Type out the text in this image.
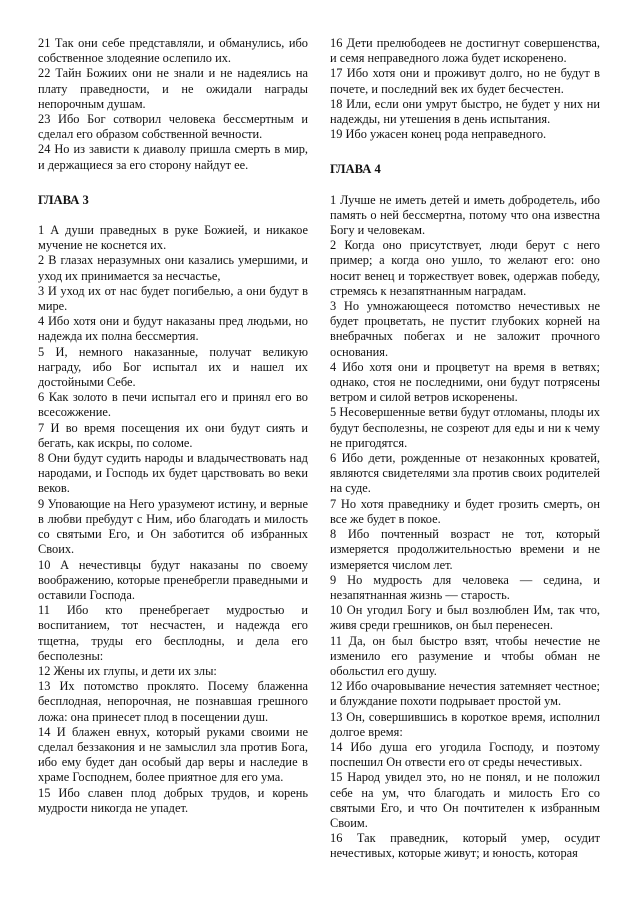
21 Так они себе представляли, и обманулись, ибо собственное злодеяние ослепило их.

22 Тайн Божиих они не знали и не надеялись на плату праведности, и не ожидали награды непорочным душам.

23 Ибо Бог сотворил человека бессмертным и сделал его образом собственной вечности.

24 Но из зависти к диаволу пришла смерть в мир, и держащиеся за его сторону найдут ее.

ГЛАВА 3

1 А души праведных в руке Божией, и никакое мучение не коснется их.

2 В глазах неразумных они казались умершими, и уход их принимается за несчастье,

3 И уход их от нас будет погибелью, а они будут в мире.

4 Ибо хотя они и будут наказаны пред людьми, но надежда их полна бессмертия.

5 И, немного наказанные, получат великую награду, ибо Бог испытал их и нашел их достойными Себе.

6 Как золото в печи испытал его и принял его во всесожжение.

7 И во время посещения их они будут сиять и бегать, как искры, по соломе.

8 Они будут судить народы и владычествовать над народами, и Господь их будет царствовать во веки веков.

9 Уповающие на Него уразумеют истину, и верные в любви пребудут с Ним, ибо благодать и милость со святыми Его, и Он заботится об избранных Своих.

10 А нечестивцы будут наказаны по своему воображению, которые пренебрегли праведными и оставили Господа.

11 Ибо кто пренебрегает мудростью и воспитанием, тот несчастен, и надежда его тщетна, труды его бесплодны, и дела его бесполезны:

12 Жены их глупы, и дети их злы:

13 Их потомство проклято. Посему блаженна бесплодная, непорочная, не познавшая грешного ложа: она принесет плод в посещении душ.

14 И блажен евнух, который руками своими не сделал беззакония и не замыслил зла против Бога, ибо ему будет дан особый дар веры и наследие в храме Господнем, более приятное для его ума.

15 Ибо славен плод добрых трудов, и корень мудрости никогда не упадет.

16 Дети прелюбодеев не достигнут совершенства, и семя неправедного ложа будет искоренено.

17 Ибо хотя они и проживут долго, но не будут в почете, и последний век их будет бесчестен.

18 Или, если они умрут быстро, не будет у них ни надежды, ни утешения в день испытания.

19 Ибо ужасен конец рода неправедного.

ГЛАВА 4

1 Лучше не иметь детей и иметь добродетель, ибо память о ней бессмертна, потому что она известна Богу и человекам.

2 Когда оно присутствует, люди берут с него пример; а когда оно ушло, то желают его: оно носит венец и торжествует вовек, одержав победу, стремясь к незапятнанным наградам.

3 Но умножающееся потомство нечестивых не будет процветать, не пустит глубоких корней на внебрачных побегах и не заложит прочного основания.

4 Ибо хотя они и процветут на время в ветвях; однако, стоя не последними, они будут потрясены ветром и силой ветров искоренены.

5 Несовершенные ветви будут отломаны, плоды их будут бесполезны, не созреют для еды и ни к чему не пригодятся.

6 Ибо дети, рожденные от незаконных кроватей, являются свидетелями зла против своих родителей на суде.

7 Но хотя праведнику и будет грозить смерть, он все же будет в покое.

8 Ибо почтенный возраст не тот, который измеряется продолжительностью времени и не измеряется числом лет.

9 Но мудрость для человека — седина, и незапятнанная жизнь — старость.

10 Он угодил Богу и был возлюблен Им, так что, живя среди грешников, он был перенесен.

11 Да, он был быстро взят, чтобы нечестие не изменило его разумение и чтобы обман не обольстил его душу.

12 Ибо очаровывание нечестия затемняет честное; и блуждание похоти подрывает простой ум.

13 Он, совершившись в короткое время, исполнил долгое время:

14 Ибо душа его угодила Господу, и поэтому поспешил Он отвести его от среды нечестивых.

15 Народ увидел это, но не понял, и не положил себе на ум, что благодать и милость Его со святыми Его, и что Он почтителен к избранным Своим.

16 Так праведник, который умер, осудит нечестивых, которые живут; и юность, которая
